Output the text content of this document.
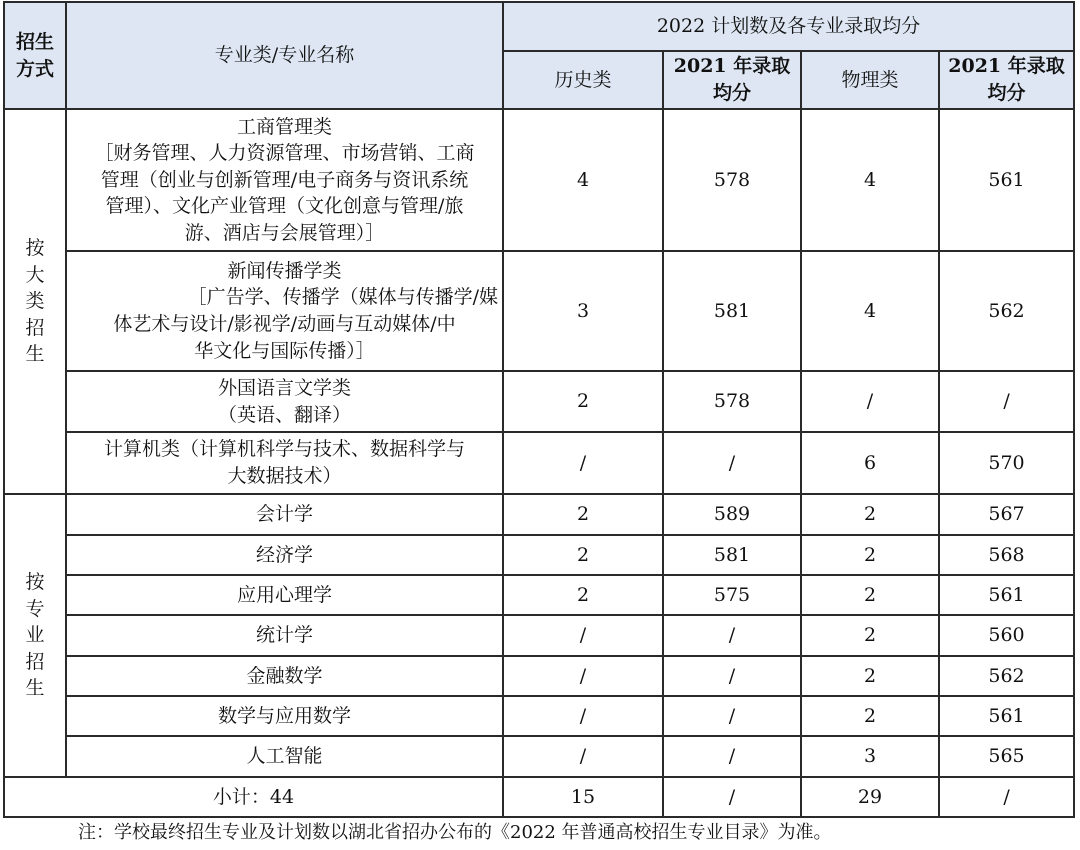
招生
方式	专业类/专业名称	2022 计划数及各专业录取均分			
		历史类	2021 年录取均分	物理类	2021 年录取均分

按
大
类
招
生	工商管理类
［财务管理、人力资源管理、市场营销、工商
管理（创业与创新管理/电子商务与资讯系统
管理）、文化产业管理（文化创意与管理/旅
游、酒店与会展管理）］	4	578	4	561

	新闻传播学类
［广告学、传播学（媒体与传播学/媒
体艺术与设计/影视学/动画与互动媒体/中
华文化与国际传播）］	3	581	4	562

	外国语言文学类
（英语、翻译）	2	578	/	/

	计算机类（计算机科学与技术、数据科学与
大数据技术）	/	/	6	570

按
专
业
招
生	会计学	2	589	2	567
	经济学	2	581	2	568
	应用心理学	2	575	2	561
	统计学	/	/	2	560
	金融数学	/	/	2	562
	数学与应用数学	/	/	2	561
	人工智能	/	/	3	565
小计：44		15	/	29	/
注：学校最终招生专业及计划数以湖北省招办公布的《2022 年普通高校招生专业目录》为准。
